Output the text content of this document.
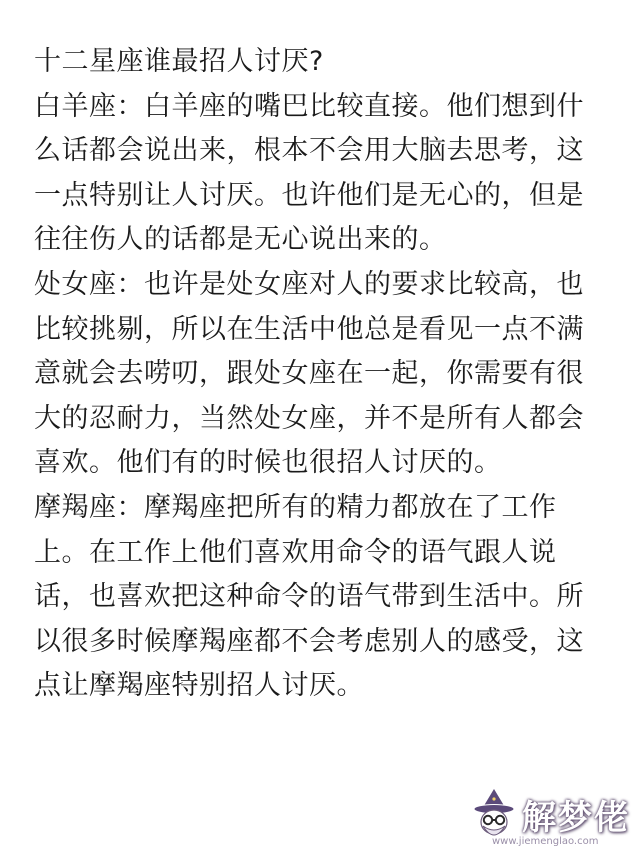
十二星座谁最招人讨厌?
白羊座：白羊座的嘴巴比较直接。他们想到什
么话都会说出来，根本不会用大脑去思考，这
一点特别让人讨厌。也许他们是无心的，但是
往往伤人的话都是无心说出来的。
处女座：也许是处女座对人的要求比较高，也
比较挑剔，所以在生活中他总是看见一点不满
意就会去唠叨，跟处女座在一起，你需要有很
大的忍耐力，当然处女座，并不是所有人都会
喜欢。他们有的时候也很招人讨厌的。
摩羯座：摩羯座把所有的精力都放在了工作
上。在工作上他们喜欢用命令的语气跟人说
话，也喜欢把这种命令的语气带到生活中。所
以很多时候摩羯座都不会考虑别人的感受，这
点让摩羯座特别招人讨厌。
解梦佬
www.jiemenglao.com
